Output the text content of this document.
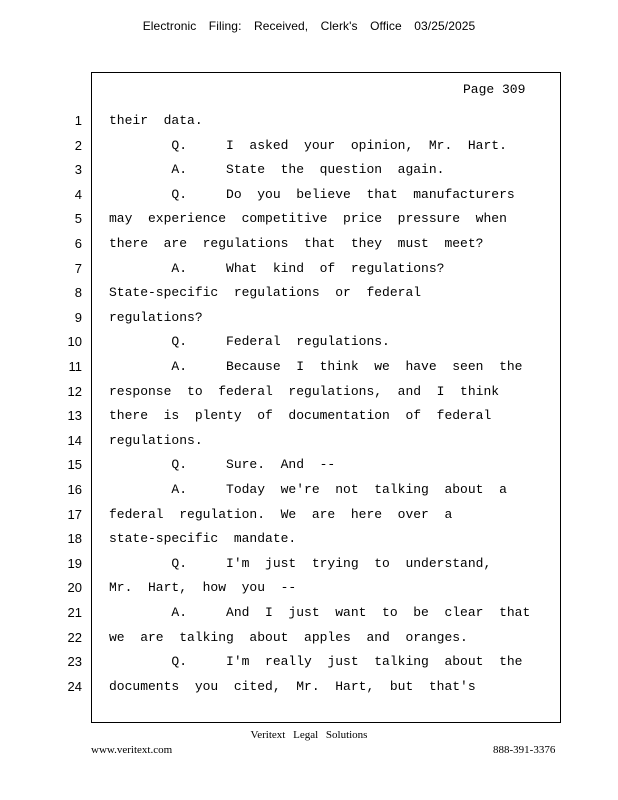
Electronic Filing: Received, Clerk's Office 03/25/2025
Page 309
1 their  data.
2 Q.     I  asked  your  opinion,  Mr.  Hart.
3 A.     State  the  question  again.
4 Q.     Do  you  believe  that  manufacturers
5 may  experience  competitive  price  pressure  when
6 there  are  regulations  that  they  must  meet?
7 A.     What  kind  of  regulations?
8 State-specific  regulations  or  federal
9 regulations?
10 Q.     Federal  regulations.
11 A.     Because  I  think  we  have  seen  the
12 response  to  federal  regulations,  and  I  think
13 there  is  plenty  of  documentation  of  federal
14 regulations.
15 Q.     Sure.  And  --
16 A.     Today  we're  not  talking  about  a
17 federal  regulation.  We  are  here  over  a
18 state-specific  mandate.
19 Q.     I'm  just  trying  to  understand,
20 Mr.  Hart,  how  you  --
21 A.     And  I  just  want  to  be  clear  that
22 we  are  talking  about  apples  and  oranges.
23 Q.     I'm  really  just  talking  about  the
24 documents  you  cited,  Mr.  Hart,  but  that's
Veritext Legal Solutions
www.veritext.com	888-391-3376
